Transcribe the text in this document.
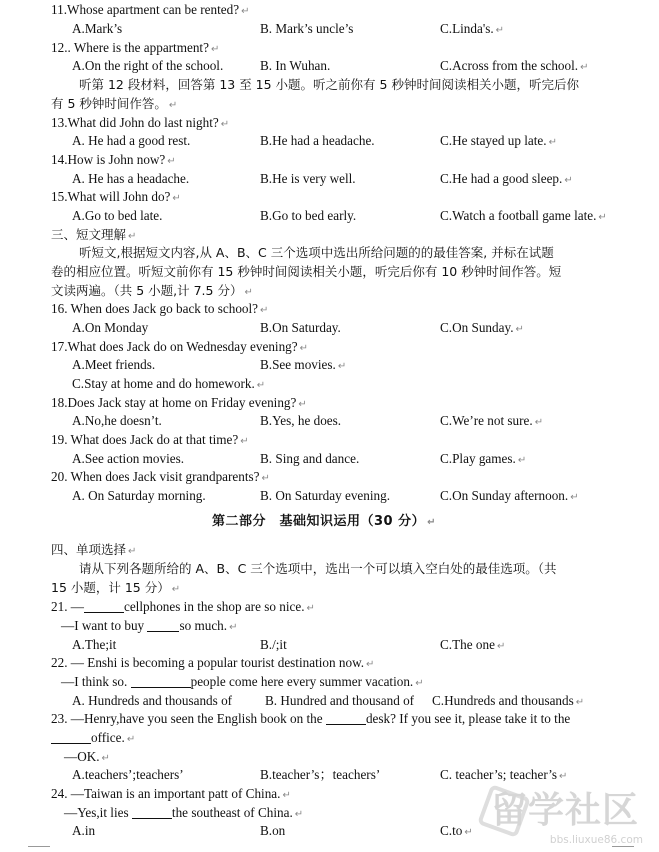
11.Whose apartment can be rented? ↵
A.Mark’s	B. Mark’s uncle’s	C.Linda's. ↵
12.. Where is the appartment? ↵
A.On the right of the school.	B. In Wuhan.	C.Across from the school. ↵
听第 12 段材料，回答第 13 至 15 小题。听之前你有 5 秒钟时间阅读相关小题，听完后你
有 5 秒钟时间作答。 ↵
13.What did John do last night? ↵
A. He had a good rest.	B.He had a headache.	C.He stayed up late. ↵
14.How is John now? ↵
A. He has a headache.	B.He is very well.	C.He had a good sleep. ↵
15.What will John do? ↵
A.Go to bed late.	B.Go to bed early.	C.Watch a football game late. ↵
三、短文理解 ↵
听短文,根据短文内容,从 A、B、C 三个选项中选出所给问题的的最佳答案, 并标在试题
卷的相应位置。听短文前你有 15 秒钟时间阅读相关小题，听完后你有 10 秒钟时间作答。短
文读两遍。（共 5 小题,计 7.5 分） ↵
16. When does Jack go back to school? ↵
A.On Monday	B.On Saturday.	C.On Sunday. ↵
17.What does Jack do on Wednesday evening? ↵
A.Meet friends.	B.See movies. ↵
C.Stay at home and do homework. ↵
18.Does Jack stay at home on Friday evening? ↵
A.No,he doesn’t.	B.Yes, he does.	C.We’re not sure. ↵
19. What does Jack do at that time? ↵
A.See action movies.	B. Sing and dance.	C.Play games. ↵
20. When does Jack visit grandparents? ↵
A. On Saturday morning.	B. On Saturday evening.	C.On Sunday afternoon. ↵
第二部分　基础知识运用（30 分） ↵
四、单项选择 ↵
请从下列各题所给的 A、B、C 三个选项中，选出一个可以填入空白处的最佳选项。（共
15 小题，计 15 分） ↵
21. —	cellphones in the shop are so nice. ↵
—I want to buy	so much. ↵
A.The;it	B./;it	C.The one ↵
22. — Enshi is becoming a popular tourist destination now. ↵
—I think so.	people come here every summer vacation. ↵
A. Hundreds and thousands of B. Hundred and thousand of C.Hundreds and thousands ↵
23. —Henry,have you seen the English book on the	desk? If you see it, please take it to the
office. ↵
—OK. ↵
A.teachers’;teachers’	B.teacher’s；teachers’	C. teacher’s; teacher’s ↵
24. —Taiwan is an important patt of China. ↵
—Yes,it lies	the southeast of China. ↵
A.in	B.on	C.to ↵
留学社区
bbs.liuxue86.com
